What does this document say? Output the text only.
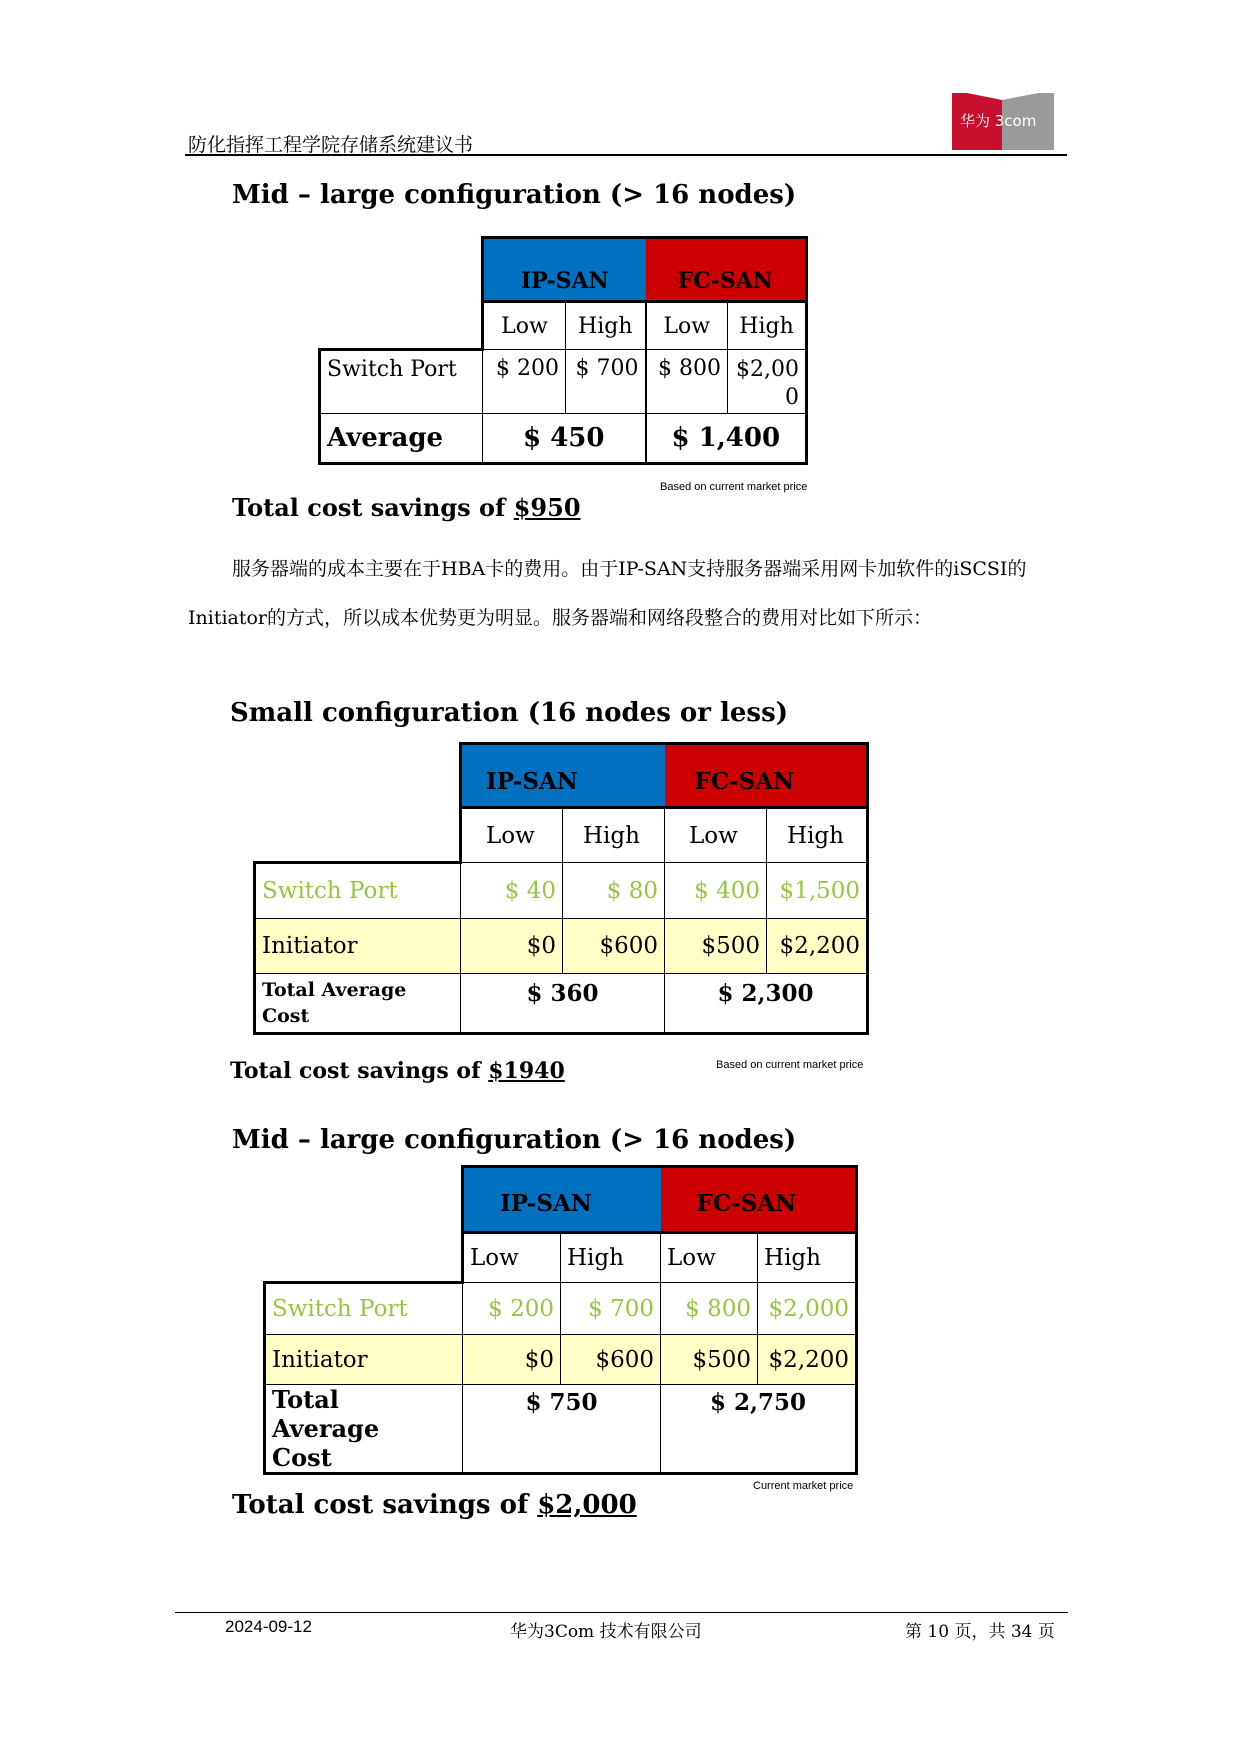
防化指挥工程学院存储系统建议书
华为 3com
Mid – large configuration (> 16 nodes)
	IP-SAN		FC-SAN	
	Low	High	Low	High
Switch Port	$ 200	$ 700	$ 800	$2,000
Average	$ 450		$ 1,400	
Based on current market price
Total cost savings of $950

服务器端的成本主要在于HBA卡的费用。由于IP-SAN支持服务器端采用网卡加软件的iSCSI的Initiator的方式，所以成本优势更为明显。服务器端和网络段整合的费用对比如下所示：

Small configuration (16 nodes or less)
	IP-SAN		FC-SAN	
	Low	High	Low	High
Switch Port	$ 40	$ 80	$ 400	$1,500
Initiator	$0	$600	$500	$2,200
Total Average Cost	$ 360		$ 2,300	
Based on current market price
Total cost savings of $1940
Mid – large configuration (> 16 nodes)
	IP-SAN		FC-SAN	
	Low	High	Low	High
Switch Port	$ 200	$ 700	$ 800	$2,000
Initiator	$0	$600	$500	$2,200
Total Average Cost	$ 750		$ 2,750	
Current market price
Total cost savings of $2,000
2024-09-12	华为3Com 技术有限公司	第 10 页，共 34 页
